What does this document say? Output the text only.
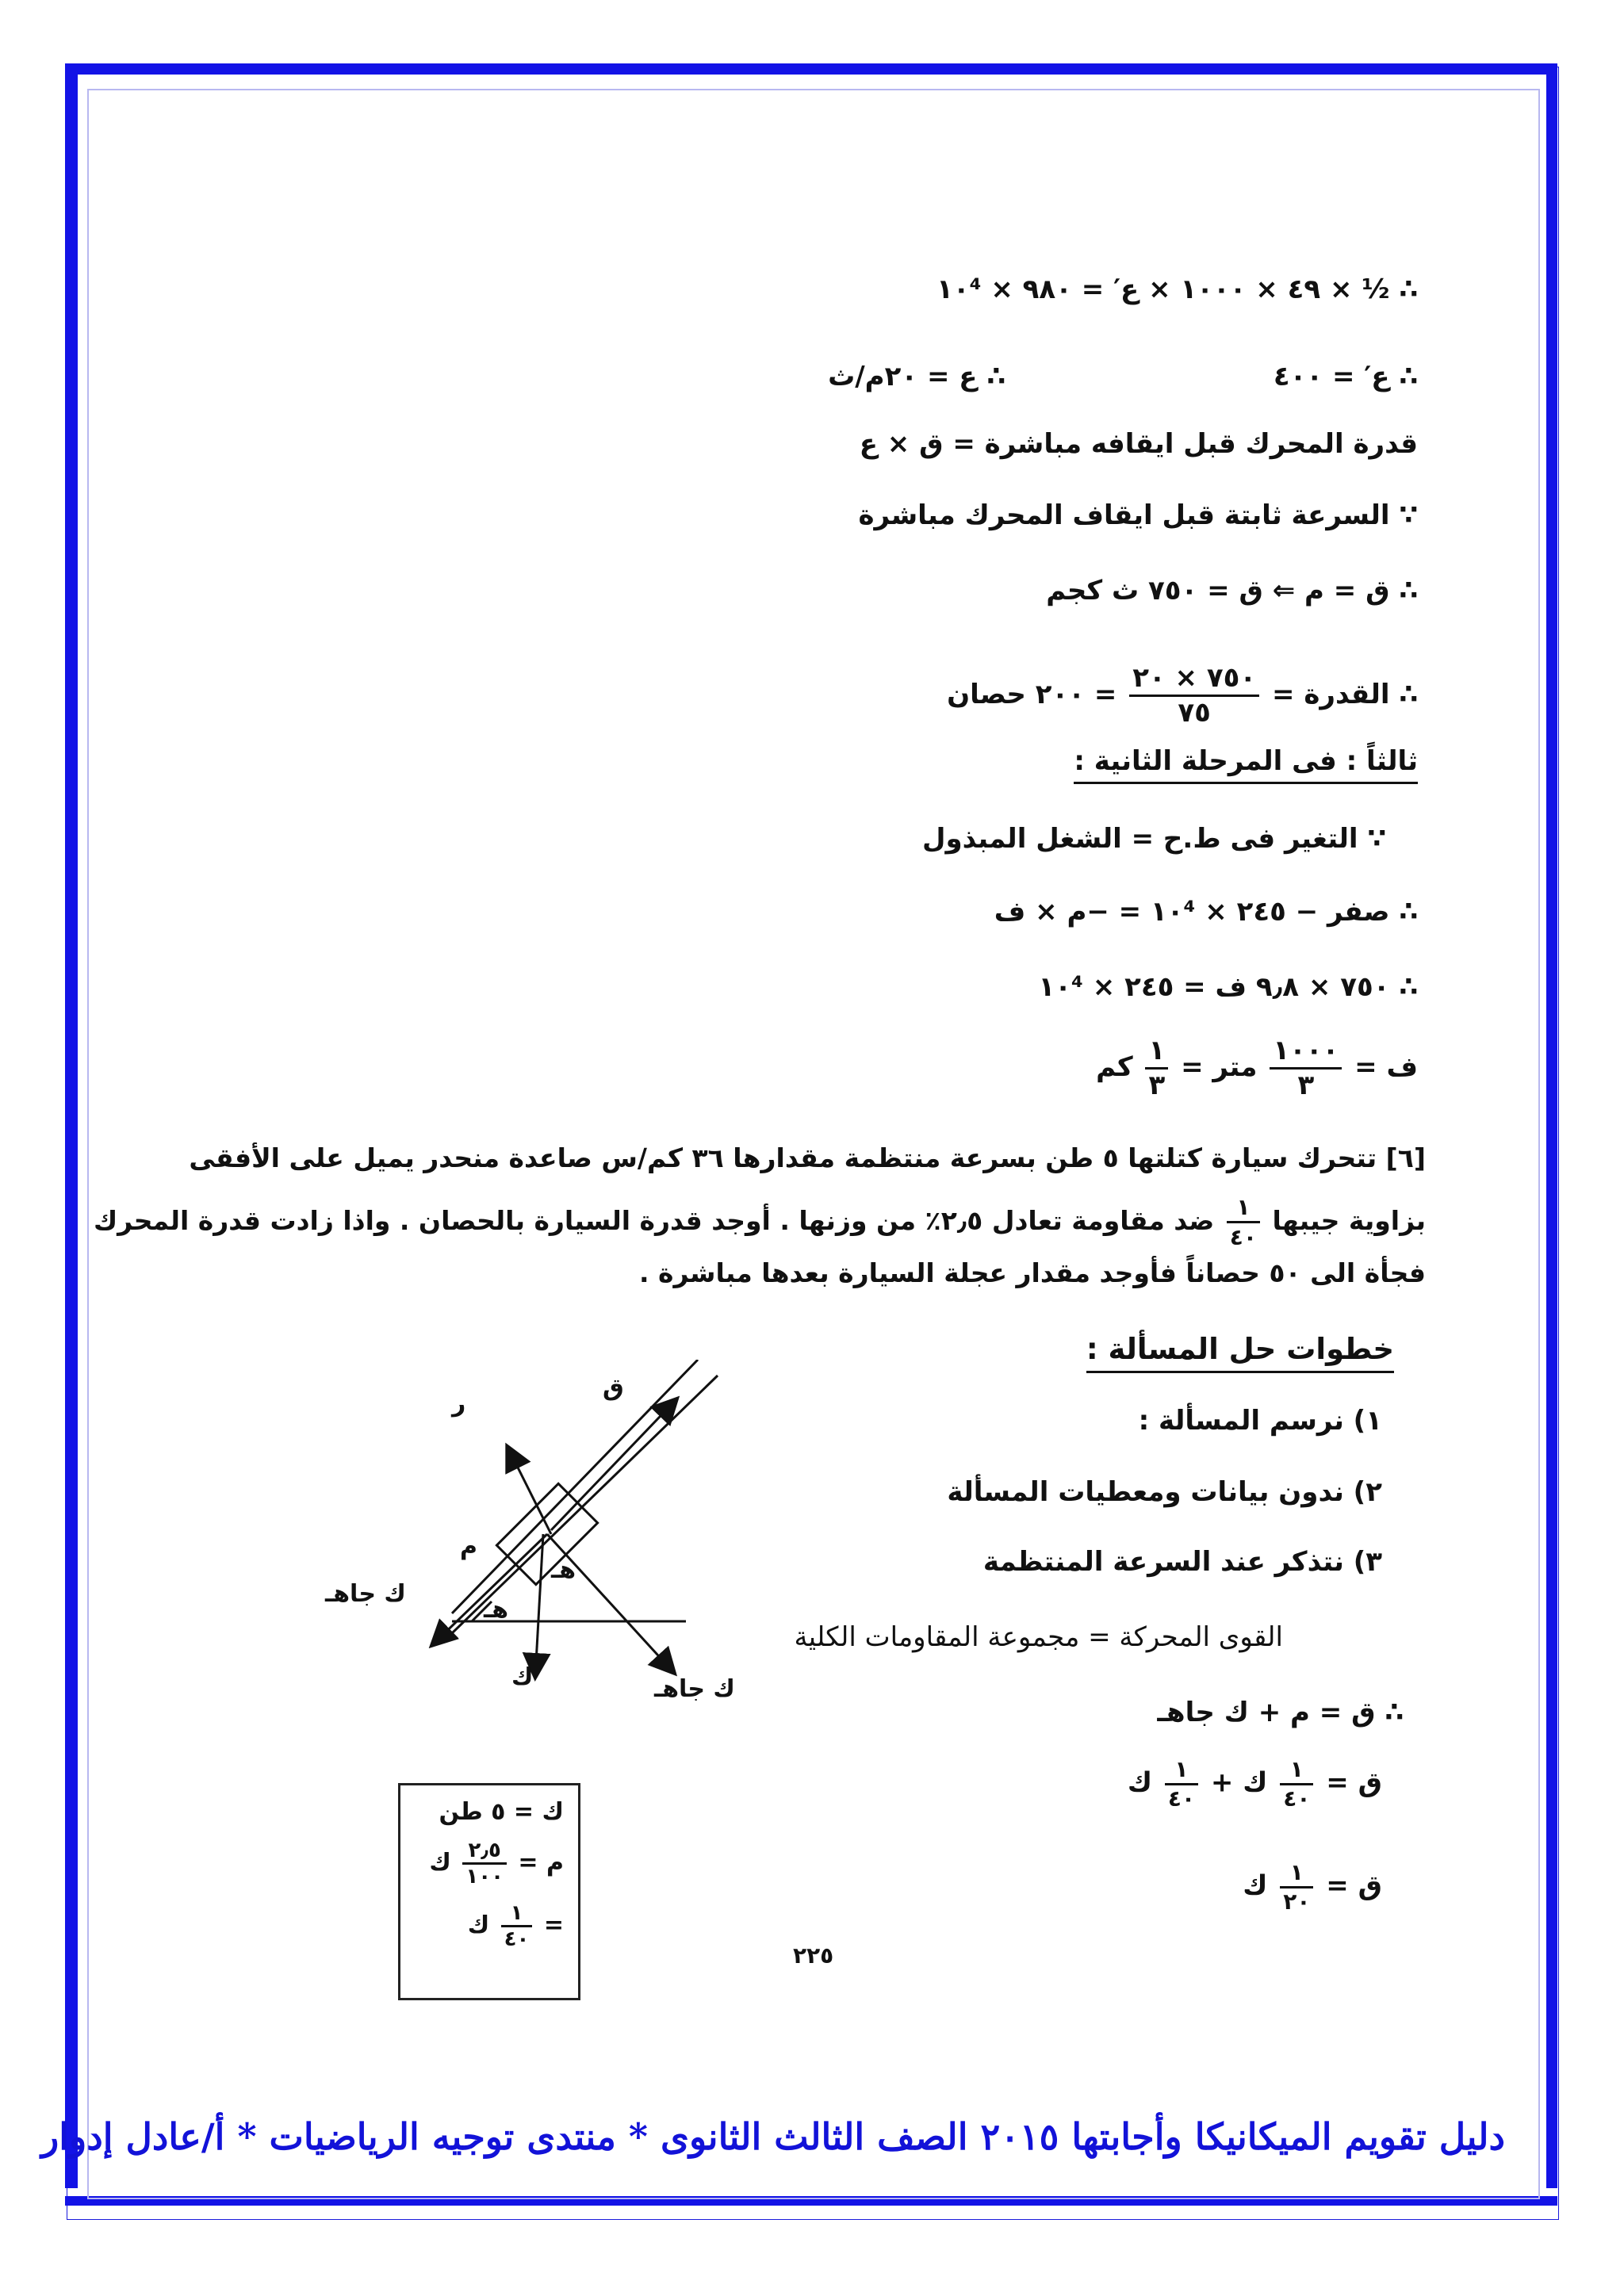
∴ ½ × ٤٩ × ١٠٠٠ × ع′ = ٩٨٠ × ١٠⁴
∴ ع′ = ٤٠٠
∴ ع = ٢٠م/ث
قدرة المحرك قبل ايقافه مباشرة = ق × ع
∵ السرعة ثابتة قبل ايقاف المحرك مباشرة
∴ ق = م ⇐ ق = ٧٥٠ ث كجم
∴ القدرة =
$\frac{٧٥٠ \times ٢٠}{٧٥}$
= ٢٠٠ حصان
ثالثاً : فى المرحلة الثانية :
∵ التغير فى ط.ح = الشغل المبذول
∴ صفر − ٢٤٥ × ١٠⁴ = −م × ف
∴ ٧٥٠ × ٩٫٨ ف = ٢٤٥ × ١٠⁴
ف =
$\frac{١٠٠٠}{٣}$
متر =
$\frac{١}{٣}$
كم
[٦] تتحرك سيارة كتلتها ٥ طن بسرعة منتظمة مقدارها ٣٦ كم/س صاعدة منحدر يميل على الأفقى
بزاوية جيبها
$\frac{١}{٤٠}$
ضد مقاومة تعادل ٢٫٥٪ من وزنها . أوجد قدرة السيارة بالحصان . واذا زادت قدرة المحرك
فجأة الى ٥٠ حصاناً فأوجد مقدار عجلة السيارة بعدها مباشرة .
خطوات حل المسألة :
١) نرسم المسألة :
٢) ندون بيانات ومعطيات المسألة
٣) نتذكر عند السرعة المنتظمة
القوى المحركة = مجموعة المقاومات الكلية
∴ ق = م + ك جاهـ
ق =
$\frac{١}{٤٠}$
ك +
$\frac{١}{٤٠}$
ك
ق =
$\frac{١}{٢٠}$
ك
ق
ر
م
هـ
هـ
ك
ك جاهـ
ك جاهـ
ك = ٥ طن
م =
$\frac{٢٫٥}{١٠٠}$
ك
=
$\frac{١}{٤٠}$
ك
٢٢٥
دليل تقويم الميكانيكا وأجابتها ٢٠١٥ الصف الثالث الثانوى * منتدى توجيه الرياضيات * أ/عادل إدوار
